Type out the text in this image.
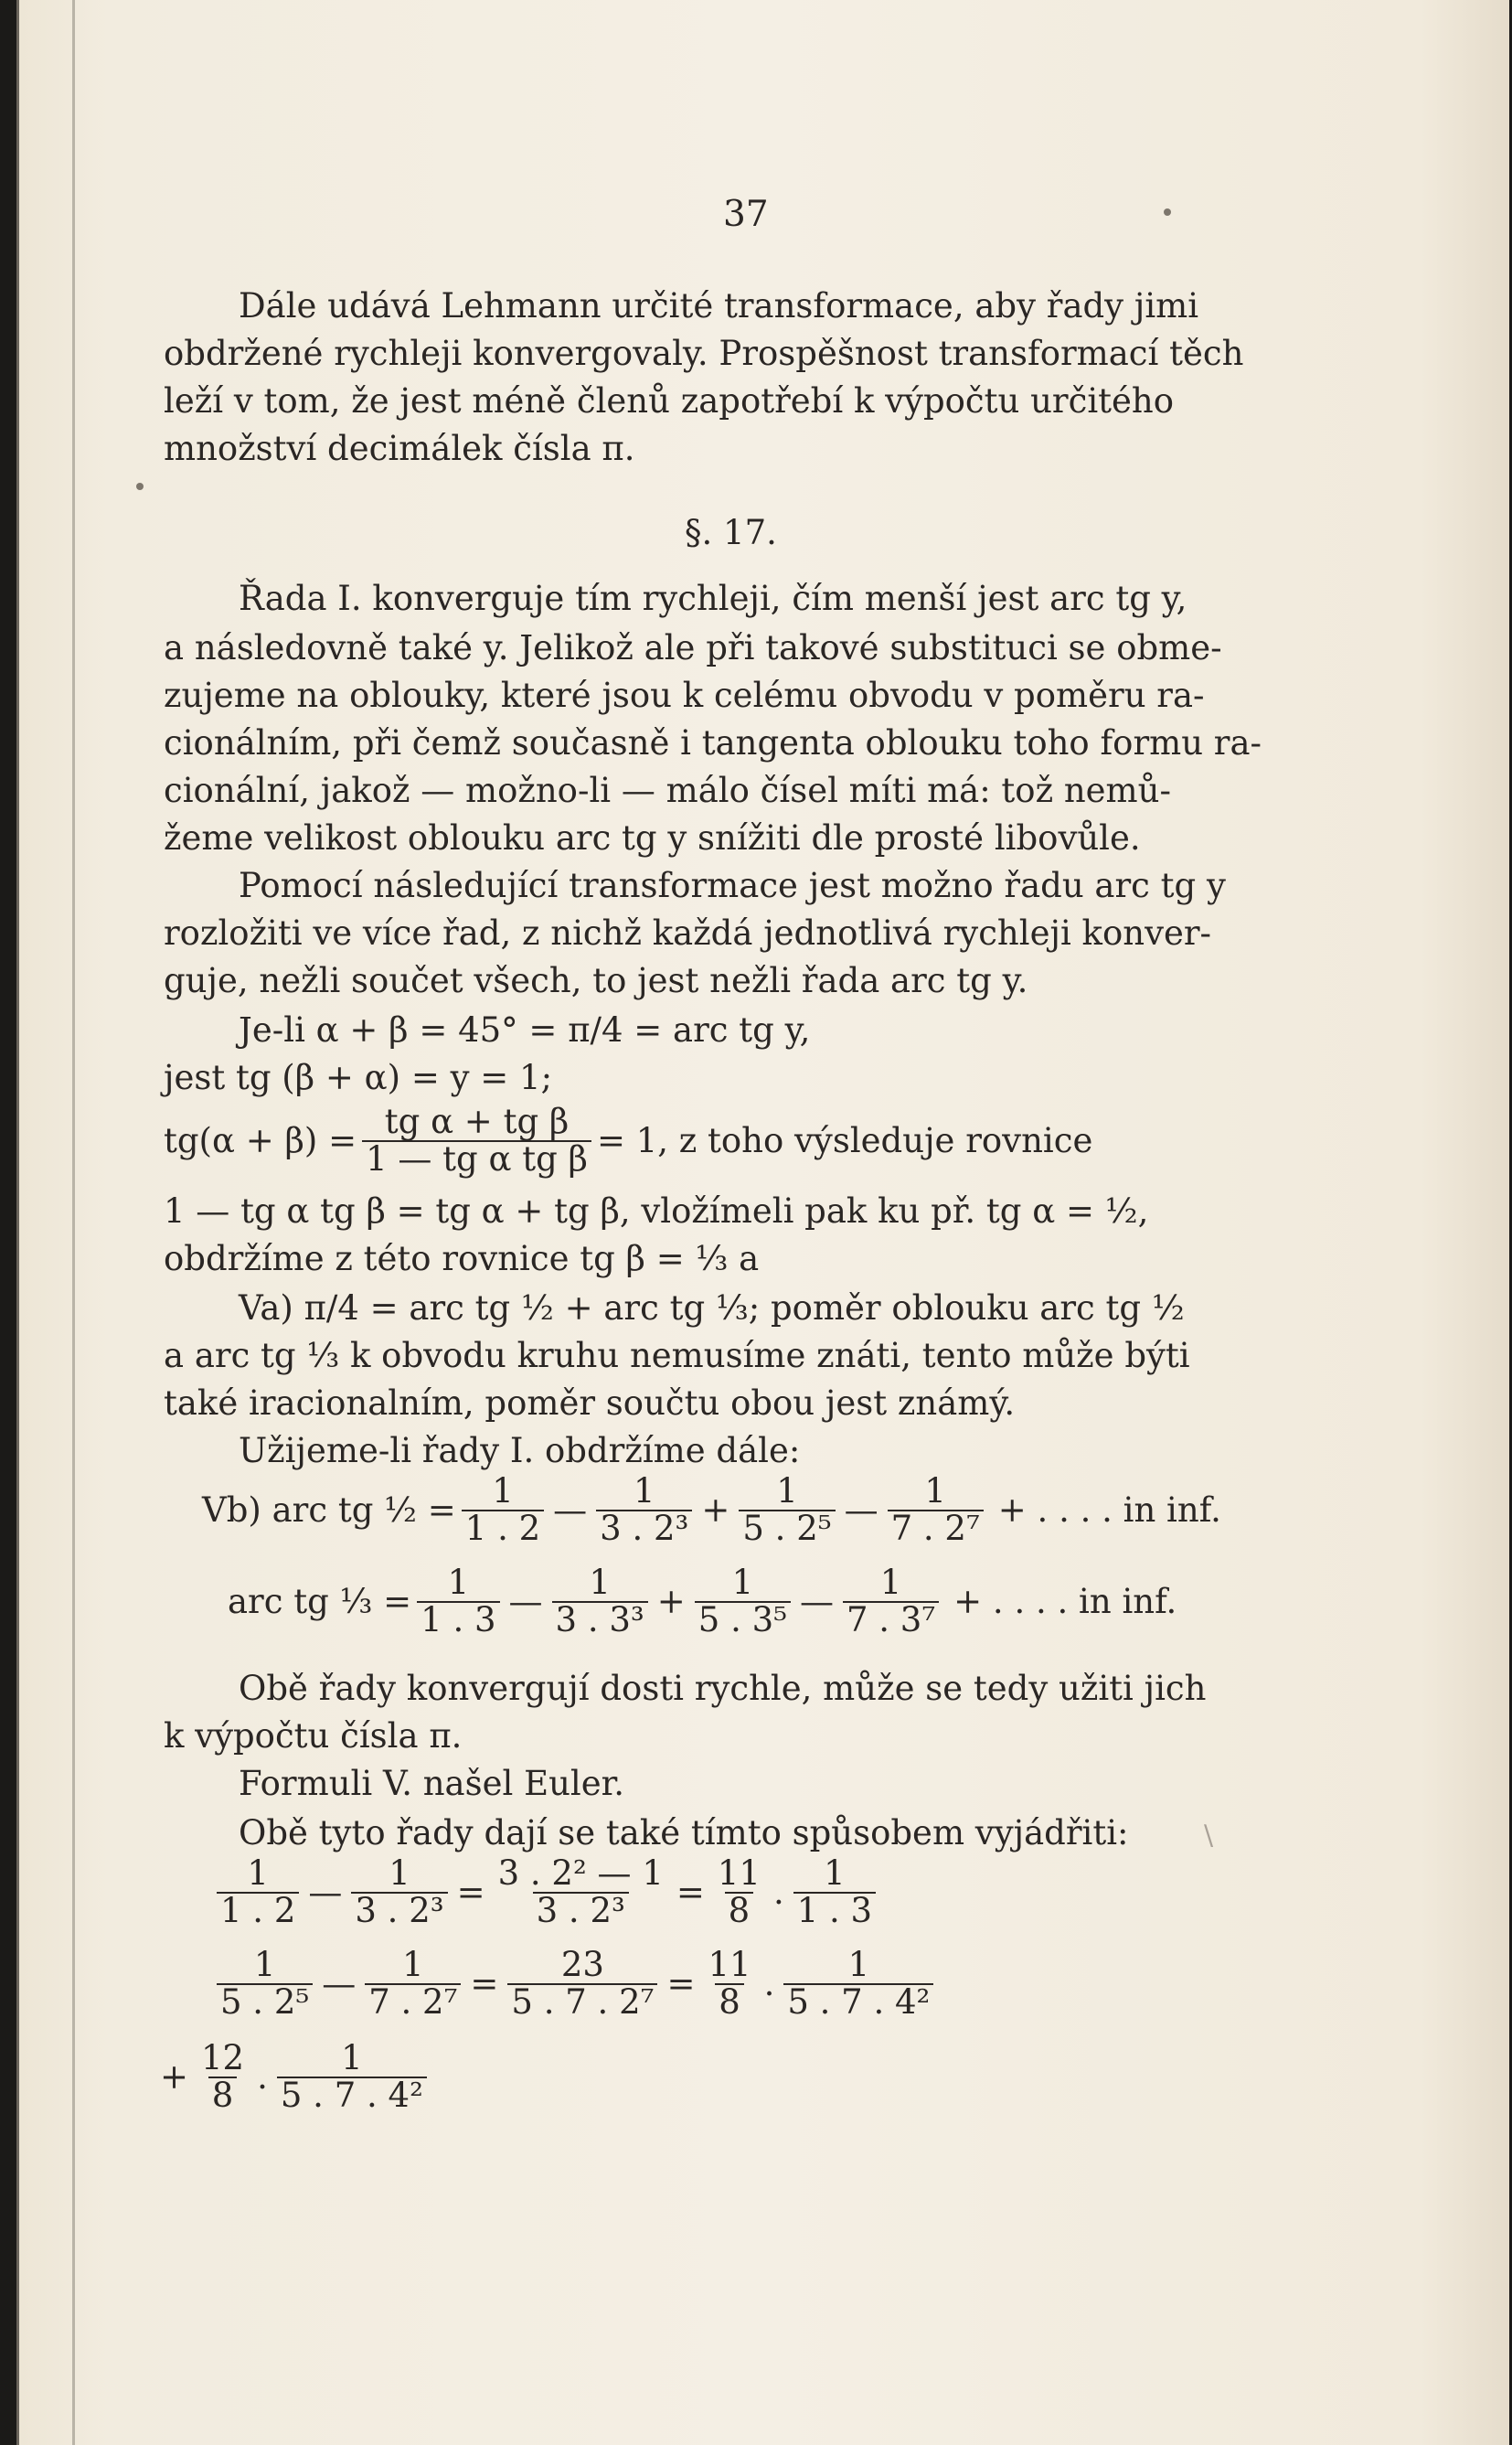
37
Dále udává Lehmann určité transformace, aby řady jimi
obdržené rychleji konvergovaly. Prospěšnost transformací těch
leží v tom, že jest méně členů zapotřebí k výpočtu určitého
množství decimálek čísla π.
§. 17.
Řada I. konverguje tím rychleji, čím menší jest arc tg y,
a následovně také y. Jelikož ale při takové substituci se obme-
zujeme na oblouky, které jsou k celému obvodu v poměru ra-
cionálním, při čemž současně i tangenta oblouku toho formu ra-
cionální, jakož — možno-li — málo čísel míti má: tož nemů-
žeme velikost oblouku arc tg y snížiti dle prosté libovůle.
Pomocí následující transformace jest možno řadu arc tg y
rozložiti ve více řad, z nichž každá jednotlivá rychleji konver-
guje, nežli součet všech, to jest nežli řada arc tg y.
Je-li α + β = 45° = π/4 = arc tg y,
jest tg (β + α) = y = 1;
$tg(\alpha + \beta) = \frac{\text{tg α + tg β}}{\text{1 — tg α tg β}} = 1$, z toho výsleduje rovnice
1 — tg α tg β = tg α + tg β, vložímeli pak ku př. tg α = ½,
obdržíme z této rovnice tg β = ⅓ a
Va) π/4 = arc tg ½ + arc tg ⅓; poměr oblouku arc tg ½
a arc tg ⅓ k obvodu kruhu nemusíme znáti, tento může býti
také iracionalním, poměr součtu obou jest známý.
Užijeme-li řady I. obdržíme dále:
Vb) arc tg ½ = $\frac{1}{1 . 2}$ — $\frac{1}{\text{3 . 2³}} + \frac{1}{\text{5 . 2⁵}}$ — $\frac{1}{\text{7 . 2⁷}}$ + . . . . in inf.
arc tg ⅓ = $\frac{1}{1 . 3}$ — $\frac{1}{\text{3 . 3³}} + \frac{1}{\text{5 . 3⁵}}$ — $\frac{1}{\text{7 . 3⁷}}$ + . . . . in inf.
Obě řady konvergují dosti rychle, může se tedy užiti jich
k výpočtu čísla π.
Formuli V. našel Euler.
Obě tyto řady dají se také tímto spůsobem vyjádřiti:	\
$\frac{1}{1 . 2}$ — $\frac{1}{\text{3 . 2³}} = \frac{\text{3 . 2² — 1}}{\text{3 . 2³}} = \frac{11}{8}$ . $\frac{1}{1 . 3}$
$\frac{1}{\text{5 . 2⁵}}$ — $\frac{1}{\text{7 . 2⁷}} = \frac{23}{\text{5 . 7 . 2⁷}} = \frac{11}{8}$ . $\frac{1}{\text{5 . 7 . 4²}}$
+ $\frac{12}{8}$ . $\frac{1}{\text{5 . 7 . 4²}}$
